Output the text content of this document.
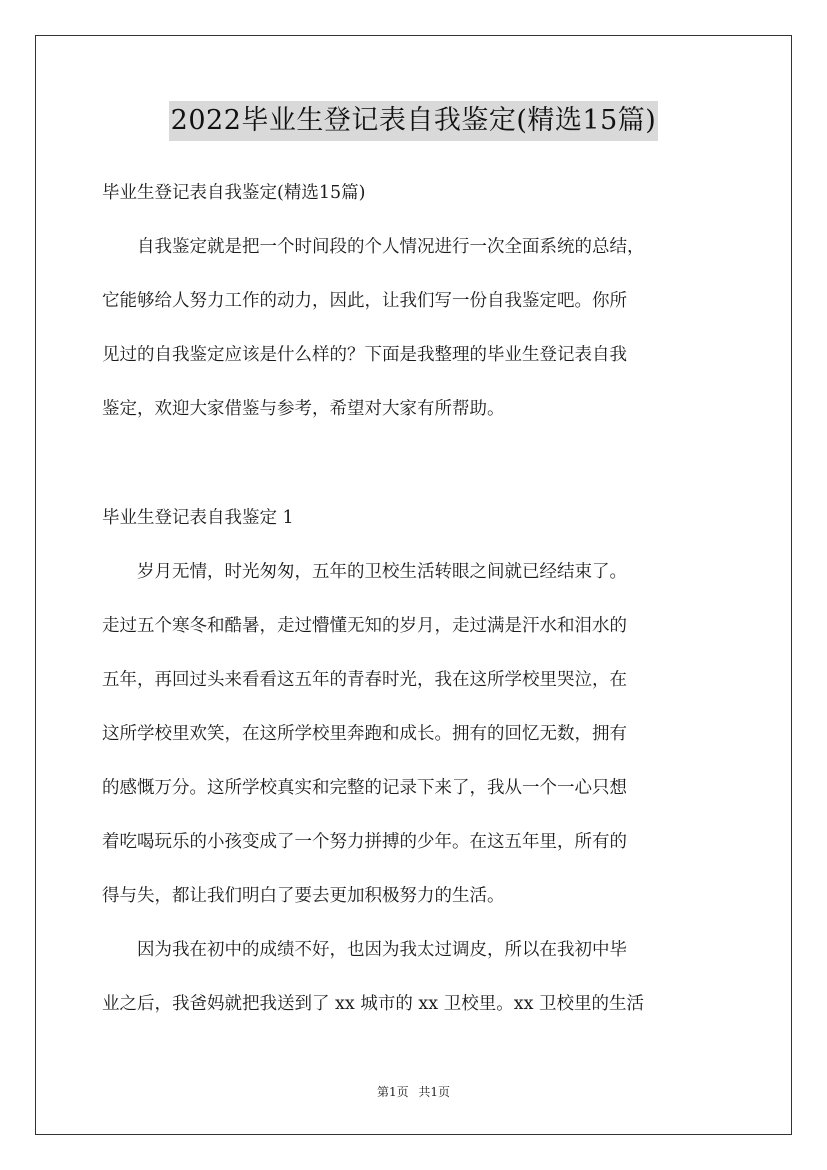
2022毕业生登记表自我鉴定(精选15篇)
毕业生登记表自我鉴定(精选15篇)
　　自我鉴定就是把一个时间段的个人情况进行一次全面系统的总结，
它能够给人努力工作的动力，因此，让我们写一份自我鉴定吧。你所
见过的自我鉴定应该是什么样的？下面是我整理的毕业生登记表自我
鉴定，欢迎大家借鉴与参考，希望对大家有所帮助。
毕业生登记表自我鉴定 1
　　岁月无情，时光匆匆，五年的卫校生活转眼之间就已经结束了。
走过五个寒冬和酷暑，走过懵懂无知的岁月，走过满是汗水和泪水的
五年，再回过头来看看这五年的青春时光，我在这所学校里哭泣，在
这所学校里欢笑，在这所学校里奔跑和成长。拥有的回忆无数，拥有
的感慨万分。这所学校真实和完整的记录下来了，我从一个一心只想
着吃喝玩乐的小孩变成了一个努力拼搏的少年。在这五年里，所有的
得与失，都让我们明白了要去更加积极努力的生活。
　　因为我在初中的成绩不好，也因为我太过调皮，所以在我初中毕
业之后，我爸妈就把我送到了 xx 城市的 xx 卫校里。xx 卫校里的生活
第1页 共1页
